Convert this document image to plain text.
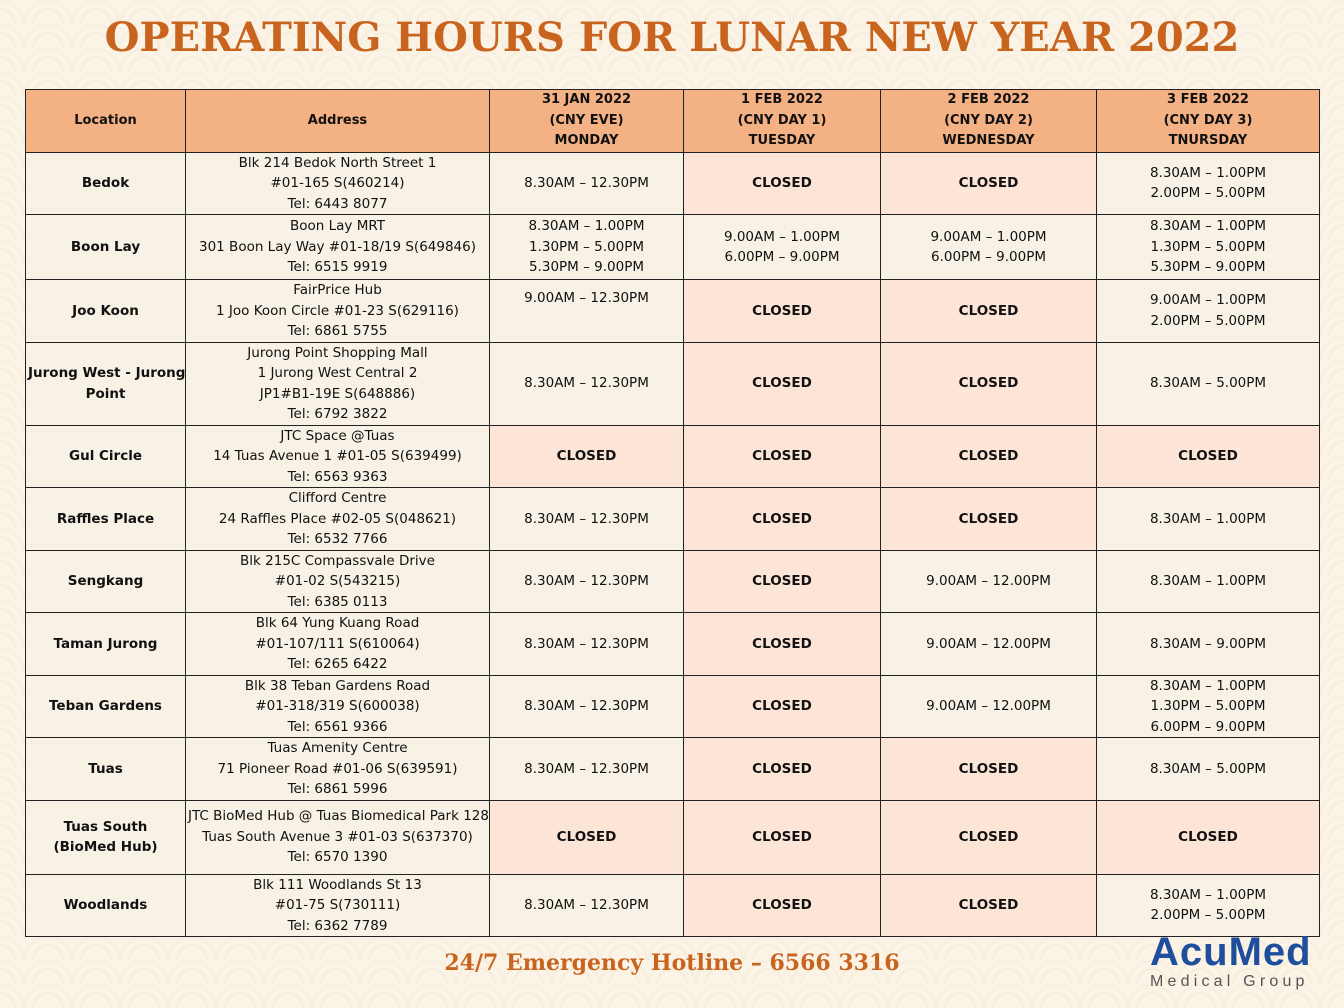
OPERATING HOURS FOR LUNAR NEW YEAR 2022
Location	Address	31 JAN 2022
(CNY EVE)
MONDAY	1 FEB 2022
(CNY DAY 1)
TUESDAY	2 FEB 2022
(CNY DAY 2)
WEDNESDAY	3 FEB 2022
(CNY DAY 3)
TNURSDAY

Bedok	Blk 214 Bedok North Street 1
#01-165 S(460214)
Tel: 6443 8077	8.30AM – 12.30PM	CLOSED	CLOSED	8.30AM – 1.00PM
2.00PM – 5.00PM

Boon Lay	Boon Lay MRT
301 Boon Lay Way #01-18/19 S(649846)
Tel: 6515 9919	8.30AM – 1.00PM
1.30PM – 5.00PM
5.30PM – 9.00PM	9.00AM – 1.00PM
6.00PM – 9.00PM	9.00AM – 1.00PM
6.00PM – 9.00PM	8.30AM – 1.00PM
1.30PM – 5.00PM
5.30PM – 9.00PM

Joo Koon	FairPrice Hub
1 Joo Koon Circle #01-23 S(629116)
Tel: 6861 5755	9.00AM – 12.30PM	CLOSED	CLOSED	9.00AM – 1.00PM
2.00PM – 5.00PM

Jurong West - Jurong
Point	Jurong Point Shopping Mall
1 Jurong West Central 2
JP1#B1-19E S(648886)
Tel: 6792 3822	8.30AM – 12.30PM	CLOSED	CLOSED	8.30AM – 5.00PM

Gul Circle	JTC Space @Tuas
14 Tuas Avenue 1 #01-05 S(639499)
Tel: 6563 9363	CLOSED	CLOSED	CLOSED	CLOSED

Raffles Place	Clifford Centre
24 Raffles Place #02-05 S(048621)
Tel: 6532 7766	8.30AM – 12.30PM	CLOSED	CLOSED	8.30AM – 1.00PM

Sengkang	Blk 215C Compassvale Drive
#01-02 S(543215)
Tel: 6385 0113	8.30AM – 12.30PM	CLOSED	9.00AM – 12.00PM	8.30AM – 1.00PM

Taman Jurong	Blk 64 Yung Kuang Road
#01-107/111 S(610064)
Tel: 6265 6422	8.30AM – 12.30PM	CLOSED	9.00AM – 12.00PM	8.30AM – 9.00PM

Teban Gardens	Blk 38 Teban Gardens Road
#01-318/319 S(600038)
Tel: 6561 9366	8.30AM – 12.30PM	CLOSED	9.00AM – 12.00PM	8.30AM – 1.00PM
1.30PM – 5.00PM
6.00PM – 9.00PM

Tuas	Tuas Amenity Centre
71 Pioneer Road #01-06 S(639591)
Tel: 6861 5996	8.30AM – 12.30PM	CLOSED	CLOSED	8.30AM – 5.00PM

Tuas South
(BioMed Hub)	JTC BioMed Hub @ Tuas Biomedical Park 128
Tuas South Avenue 3 #01-03 S(637370)
Tel: 6570 1390	CLOSED	CLOSED	CLOSED	CLOSED

Woodlands	Blk 111 Woodlands St 13
#01-75 S(730111)
Tel: 6362 7789	8.30AM – 12.30PM	CLOSED	CLOSED	8.30AM – 1.00PM
2.00PM – 5.00PM
24/7 Emergency Hotline – 6566 3316	AcuMed
Medical Group
